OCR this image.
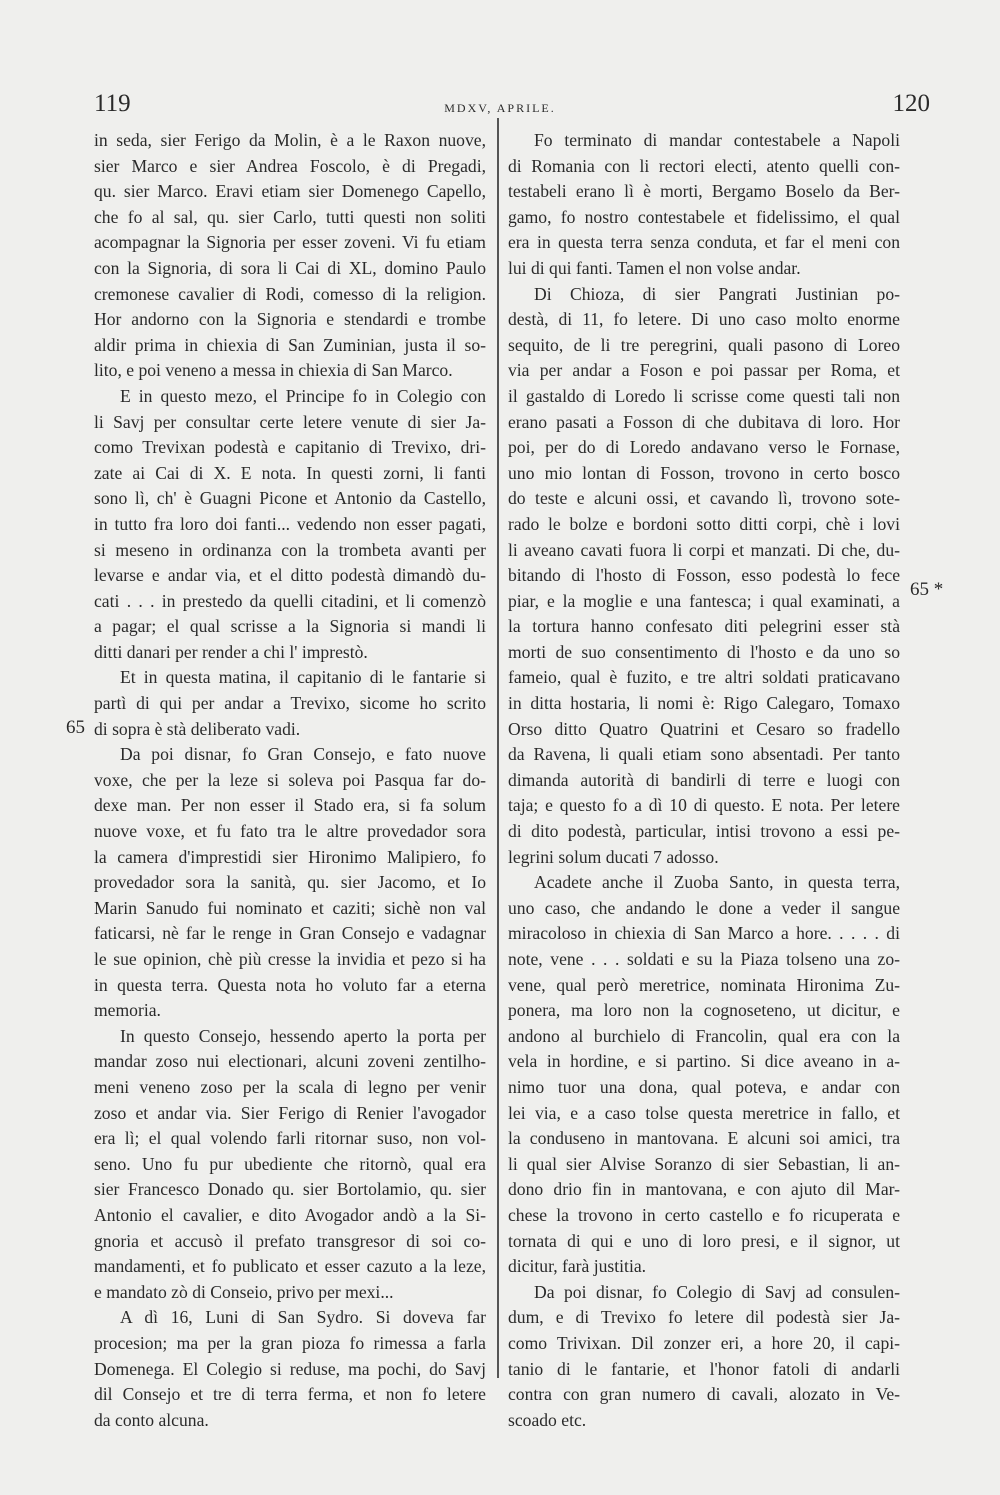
119	MDXV, APRILE.	120
65
65 *
in seda, sier Ferigo da Molin, è a le Raxon nuove,
sier Marco e sier Andrea Foscolo, è di Pregadi,
qu. sier Marco. Eravi etiam sier Domenego Capello,
che fo al sal, qu. sier Carlo, tutti questi non soliti
acompagnar la Signoria per esser zoveni. Vi fu etiam
con la Signoria, di sora li Cai di XL, domino Paulo
cremonese cavalier di Rodi, comesso di la religion.
Hor andorno con la Signoria e stendardi e trombe
aldir prima in chiexia di San Zuminian, justa il so-
lito, e poi veneno a messa in chiexia di San Marco.
E in questo mezo, el Principe fo in Colegio con
li Savj per consultar certe letere venute di sier Ja-
como Trevixan podestà e capitanio di Trevixo, dri-
zate ai Cai di X. E nota. In questi zorni, li fanti
sono lì, ch' è Guagni Picone et Antonio da Castello,
in tutto fra loro doi fanti... vedendo non esser pagati,
si meseno in ordinanza con la trombeta avanti per
levarse e andar via, et el ditto podestà dimandò du-
cati . . . in prestedo da quelli citadini, et li comenzò
a pagar; el qual scrisse a la Signoria si mandi li
ditti danari per render a chi l' imprestò.
Et in questa matina, il capitanio di le fantarie si
partì di qui per andar a Trevixo, sicome ho scrito
di sopra è stà deliberato vadi.
Da poi disnar, fo Gran Consejo, e fato nuove
voxe, che per la leze si soleva poi Pasqua far do-
dexe man. Per non esser il Stado era, si fa solum
nuove voxe, et fu fato tra le altre provedador sora
la camera d'imprestidi sier Hironimo Malipiero, fo
provedador sora la sanità, qu. sier Jacomo, et Io
Marin Sanudo fui nominato et caziti; sichè non val
faticarsi, nè far le renge in Gran Consejo e vadagnar
le sue opinion, chè più cresse la invidia et pezo si ha
in questa terra. Questa nota ho voluto far a eterna
memoria.
In questo Consejo, hessendo aperto la porta per
mandar zoso nui electionari, alcuni zoveni zentilho-
meni veneno zoso per la scala di legno per venir
zoso et andar via. Sier Ferigo di Renier l'avogador
era lì; el qual volendo farli ritornar suso, non vol-
seno. Uno fu pur ubediente che ritornò, qual era
sier Francesco Donado qu. sier Bortolamio, qu. sier
Antonio el cavalier, e dito Avogador andò a la Si-
gnoria et accusò il prefato transgresor di soi co-
mandamenti, et fo publicato et esser cazuto a la leze,
e mandato zò di Conseio, privo per mexi...
A dì 16, Luni di San Sydro. Si doveva far
procesion; ma per la gran pioza fo rimessa a farla
Domenega. El Colegio si reduse, ma pochi, do Savj
dil Consejo et tre di terra ferma, et non fo letere
da conto alcuna.
Fo terminato di mandar contestabele a Napoli
di Romania con li rectori electi, atento quelli con-
testabeli erano lì è morti, Bergamo Boselo da Ber-
gamo, fo nostro contestabele et fidelissimo, el qual
era in questa terra senza conduta, et far el meni con
lui di qui fanti. Tamen el non volse andar.
Di Chioza, di sier Pangrati Justinian po-
destà, di 11, fo letere. Di uno caso molto enorme
sequito, de li tre peregrini, quali pasono di Loreo
via per andar a Foson e poi passar per Roma, et
il gastaldo di Loredo li scrisse come questi tali non
erano pasati a Fosson di che dubitava di loro. Hor
poi, per do di Loredo andavano verso le Fornase,
uno mio lontan di Fosson, trovono in certo bosco
do teste e alcuni ossi, et cavando lì, trovono sote-
rado le bolze e bordoni sotto ditti corpi, chè i lovi
li aveano cavati fuora li corpi et manzati. Di che, du-
bitando di l'hosto di Fosson, esso podestà lo fece
piar, e la moglie e una fantesca; i qual examinati, a
la tortura hanno confesato diti pelegrini esser stà
morti de suo consentimento di l'hosto e da uno so
fameio, qual è fuzito, e tre altri soldati praticavano
in ditta hostaria, li nomi è: Rigo Calegaro, Tomaxo
Orso ditto Quatro Quatrini et Cesaro so fradello
da Ravena, li quali etiam sono absentadi. Per tanto
dimanda autorità di bandirli di terre e luogi con
taja; e questo fo a dì 10 di questo. E nota. Per letere
di dito podestà, particular, intisi trovono a essi pe-
legrini solum ducati 7 adosso.
Acadete anche il Zuoba Santo, in questa terra,
uno caso, che andando le done a veder il sangue
miracoloso in chiexia di San Marco a hore. . . . . di
note, vene . . . soldati e su la Piaza tolseno una zo-
vene, qual però meretrice, nominata Hironima Zu-
ponera, ma loro non la cognoseteno, ut dicitur, e
andono al burchielo di Francolin, qual era con la
vela in hordine, e si partino. Si dice aveano in a-
nimo tuor una dona, qual poteva, e andar con
lei via, e a caso tolse questa meretrice in fallo, et
la conduseno in mantovana. E alcuni soi amici, tra
li qual sier Alvise Soranzo di sier Sebastian, li an-
dono drio fin in mantovana, e con ajuto dil Mar-
chese la trovono in certo castello e fo ricuperata e
tornata di qui e uno di loro presi, e il signor, ut
dicitur, farà justitia.
Da poi disnar, fo Colegio di Savj ad consulen-
dum, e di Trevixo fo letere dil podestà sier Ja-
como Trivixan. Dil zonzer eri, a hore 20, il capi-
tanio di le fantarie, et l'honor fatoli di andarli
contra con gran numero di cavali, alozato in Ve-
scoado etc.
